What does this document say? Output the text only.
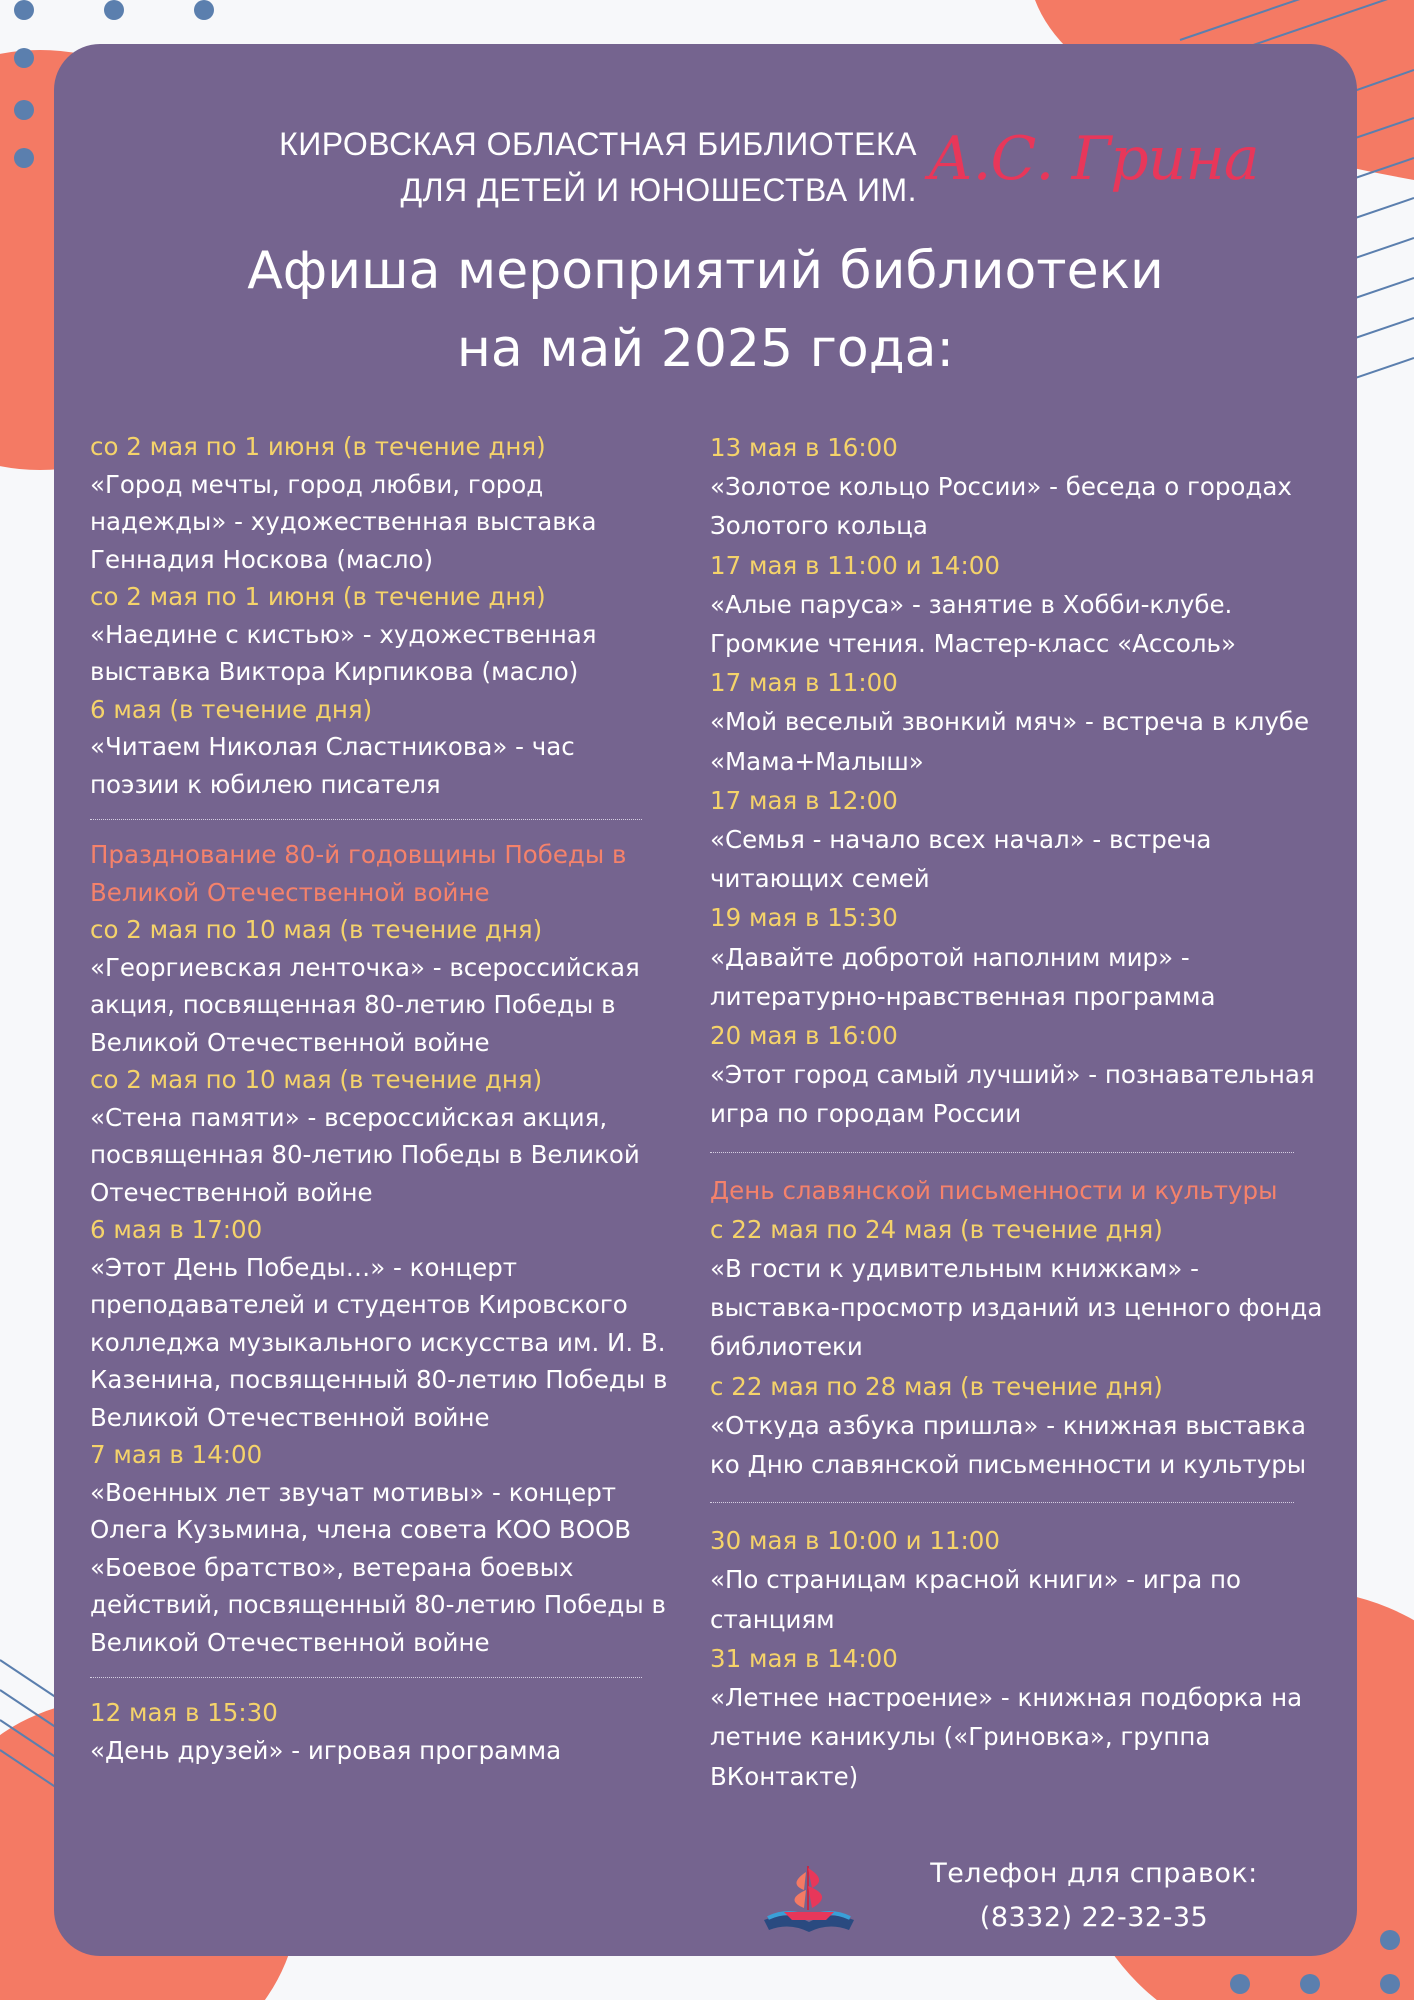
КИРОВСКАЯ ОБЛАСТНАЯ БИБЛИОТЕКА
ДЛЯ ДЕТЕЙ И ЮНОШЕСТВА ИМ. А.С. Грина
Афиша мероприятий библиотеки
на май 2025 года:
со 2 мая по 1 июня (в течение дня)
«Город мечты, город любви, город надежды» - художественная выставка Геннадия Носкова (масло)
со 2 мая по 1 июня (в течение дня)
«Наедине с кистью» - художественная выставка Виктора Кирпикова (масло)
6 мая (в течение дня)
«Читаем Николая Сластникова» - час поэзии к юбилею писателя
Празднование 80-й годовщины Победы в Великой Отечественной войне
со 2 мая по 10 мая (в течение дня)
«Георгиевская ленточка» - всероссийская акция, посвященная 80-летию Победы в Великой Отечественной войне
со 2 мая по 10 мая (в течение дня)
«Стена памяти» - всероссийская акция, посвященная 80-летию Победы в Великой Отечественной войне
6 мая в 17:00
«Этот День Победы…» - концерт преподавателей и студентов Кировского колледжа музыкального искусства им. И. В. Казенина, посвященный 80-летию Победы в Великой Отечественной войне
7 мая в 14:00
«Военных лет звучат мотивы» - концерт Олега Кузьмина, члена совета КОО ВООВ «Боевое братство», ветерана боевых действий, посвященный 80-летию Победы в Великой Отечественной войне
12 мая в 15:30
«День друзей» - игровая программа
13 мая в 16:00
«Золотое кольцо России» - беседа о городах Золотого кольца
17 мая в 11:00 и 14:00
«Алые паруса» - занятие в Хобби-клубе. Громкие чтения. Мастер-класс «Ассоль»
17 мая в 11:00
«Мой веселый звонкий мяч» - встреча в клубе «Мама+Малыш»
17 мая в 12:00
«Семья - начало всех начал» - встреча читающих семей
19 мая в 15:30
«Давайте добротой наполним мир» - литературно-нравственная программа
20 мая в 16:00
«Этот город самый лучший» - познавательная игра по городам России
День славянской письменности и культуры
с 22 мая по 24 мая (в течение дня)
«В гости к удивительным книжкам» - выставка-просмотр изданий из ценного фонда библиотеки
с 22 мая по 28 мая (в течение дня)
«Откуда азбука пришла» - книжная выставка ко Дню славянской письменности и культуры
30 мая в 10:00 и 11:00
«По страницам красной книги» - игра по станциям
31 мая в 14:00
«Летнее настроение» - книжная подборка на летние каникулы («Гриновка», группа ВКонтакте)
Телефон для справок:
(8332) 22-32-35
